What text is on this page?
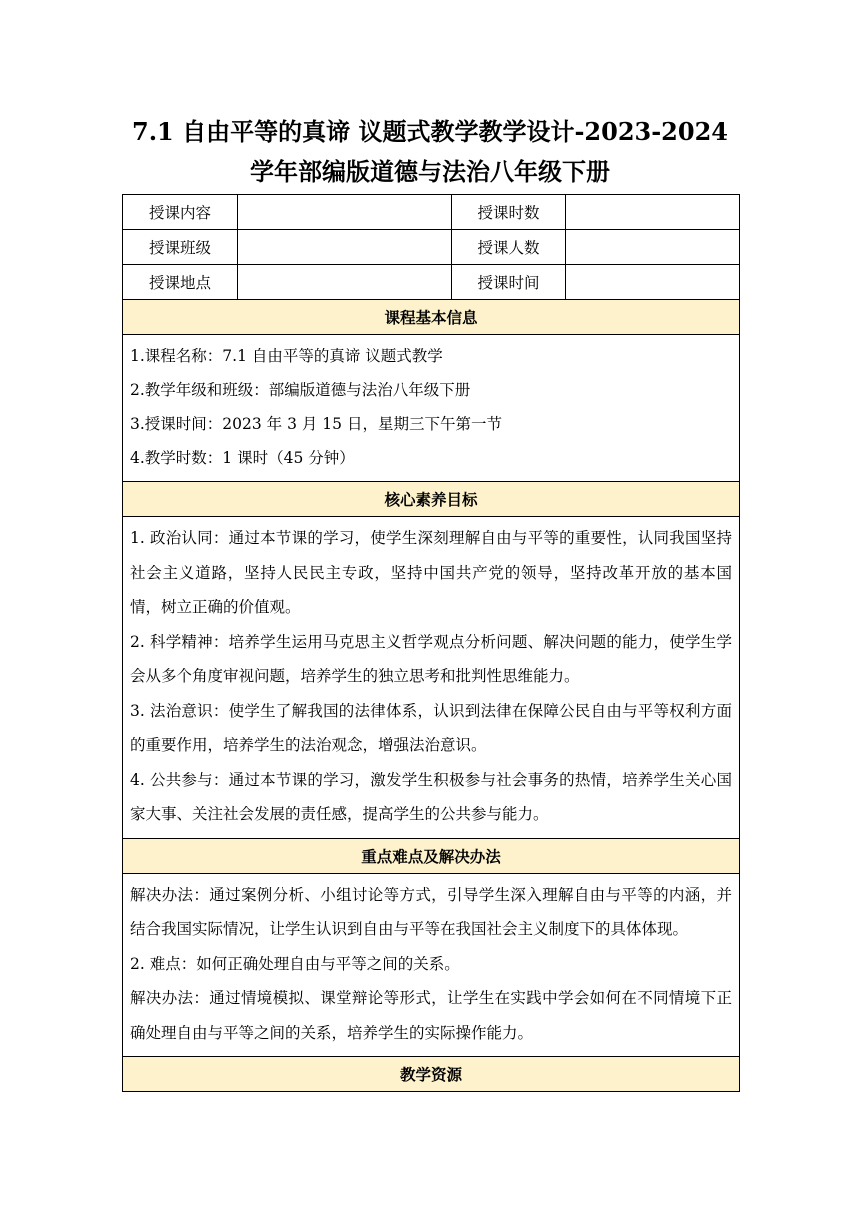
7.1 自由平等的真谛 议题式教学教学设计-2023-2024
学年部编版道德与法治八年级下册
授课内容		授课时数	
授课班级		授课人数	
授课地点		授课时间	
课程基本信息			

1.课程名称：7.1 自由平等的真谛 议题式教学
2.教学年级和班级：部编版道德与法治八年级下册
3.授课时间：2023 年 3 月 15 日，星期三下午第一节
4.教学时数：1 课时（45 分钟）			

核心素养目标			

1. 政治认同：通过本节课的学习，使学生深刻理解自由与平等的重要性，认同我国坚持社会主义道路，坚持人民民主专政，坚持中国共产党的领导，坚持改革开放的基本国情，树立正确的价值观。
2. 科学精神：培养学生运用马克思主义哲学观点分析问题、解决问题的能力，使学生学会从多个角度审视问题，培养学生的独立思考和批判性思维能力。
3. 法治意识：使学生了解我国的法律体系，认识到法律在保障公民自由与平等权利方面的重要作用，培养学生的法治观念，增强法治意识。
4. 公共参与：通过本节课的学习，激发学生积极参与社会事务的热情，培养学生关心国家大事、关注社会发展的责任感，提高学生的公共参与能力。			

重点难点及解决办法			

解决办法：通过案例分析、小组讨论等方式，引导学生深入理解自由与平等的内涵，并结合我国实际情况，让学生认识到自由与平等在我国社会主义制度下的具体体现。
2. 难点：如何正确处理自由与平等之间的关系。
解决办法：通过情境模拟、课堂辩论等形式，让学生在实践中学会如何在不同情境下正确处理自由与平等之间的关系，培养学生的实际操作能力。			

教学资源			
